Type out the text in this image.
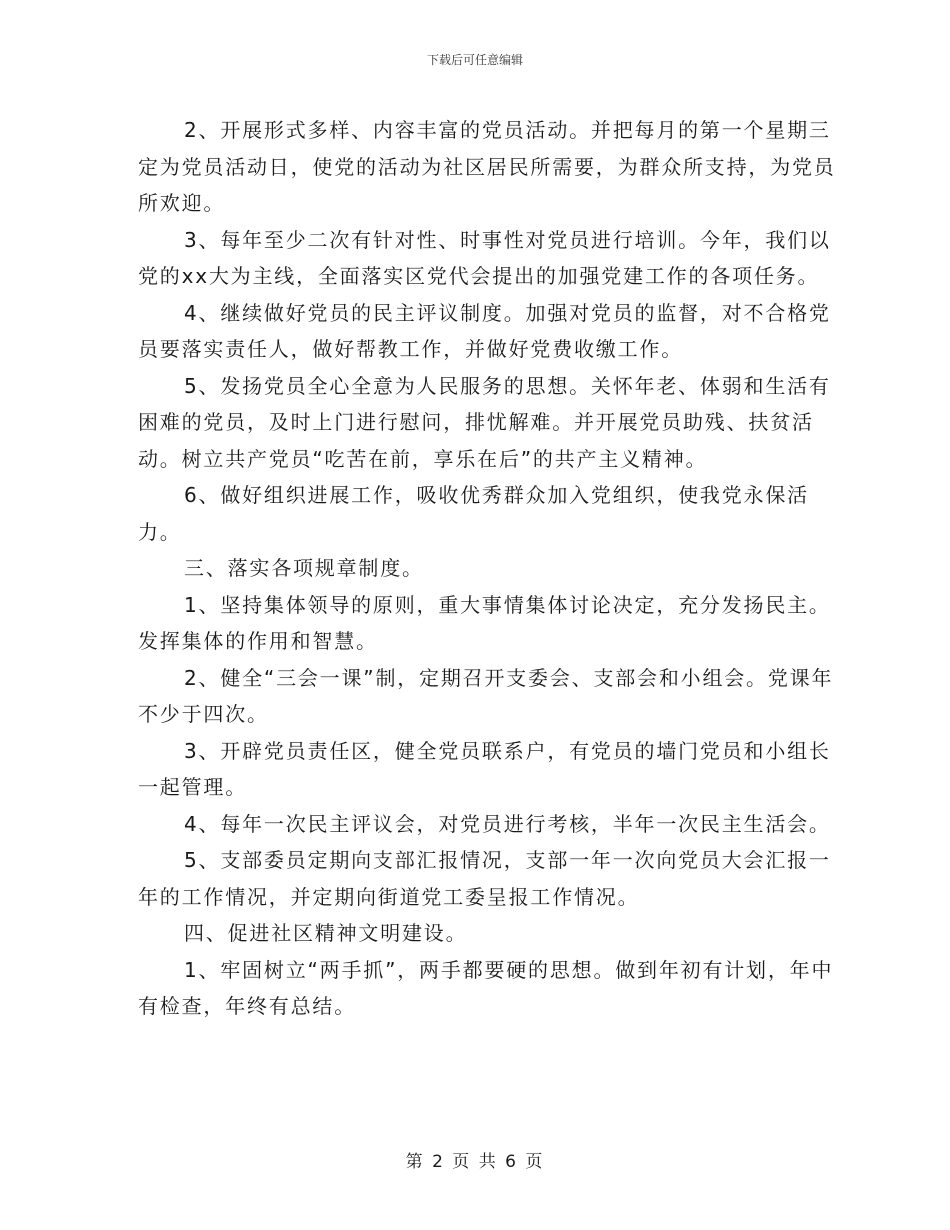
下载后可任意编辑

2、开展形式多样、内容丰富的党员活动。并把每月的第一个星期三定为党员活动日，使党的活动为社区居民所需要，为群众所支持，为党员所欢迎。

3、每年至少二次有针对性、时事性对党员进行培训。今年，我们以党的xx大为主线，全面落实区党代会提出的加强党建工作的各项任务。

4、继续做好党员的民主评议制度。加强对党员的监督，对不合格党员要落实责任人，做好帮教工作，并做好党费收缴工作。

5、发扬党员全心全意为人民服务的思想。关怀年老、体弱和生活有困难的党员，及时上门进行慰问，排忧解难。并开展党员助残、扶贫活动。树立共产党员“吃苦在前，享乐在后”的共产主义精神。

6、做好组织进展工作，吸收优秀群众加入党组织，使我党永保活力。

三、落实各项规章制度。

1、坚持集体领导的原则，重大事情集体讨论决定，充分发扬民主。发挥集体的作用和智慧。

2、健全“三会一课”制，定期召开支委会、支部会和小组会。党课年不少于四次。

3、开辟党员责任区，健全党员联系户，有党员的墙门党员和小组长一起管理。

4、每年一次民主评议会，对党员进行考核，半年一次民主生活会。

5、支部委员定期向支部汇报情况，支部一年一次向党员大会汇报一年的工作情况，并定期向街道党工委呈报工作情况。

四、促进社区精神文明建设。

1、牢固树立“两手抓”，两手都要硬的思想。做到年初有计划，年中有检查，年终有总结。

第 2 页 共 6 页
